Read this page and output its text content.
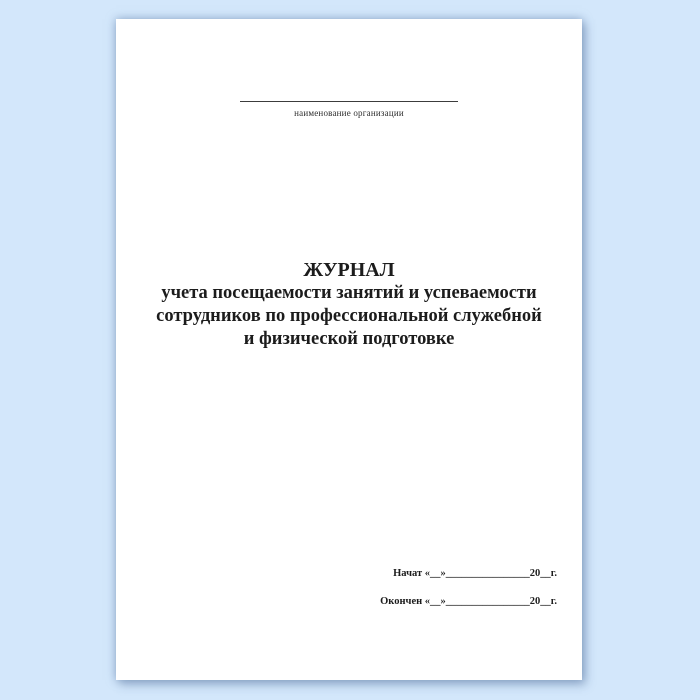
наименование организации
ЖУРНАЛ
учета посещаемости занятий и успеваемости
сотрудников по профессиональной служебной
и физической подготовке
Начат «__»________________20__г.
Окончен «__»________________20__г.
